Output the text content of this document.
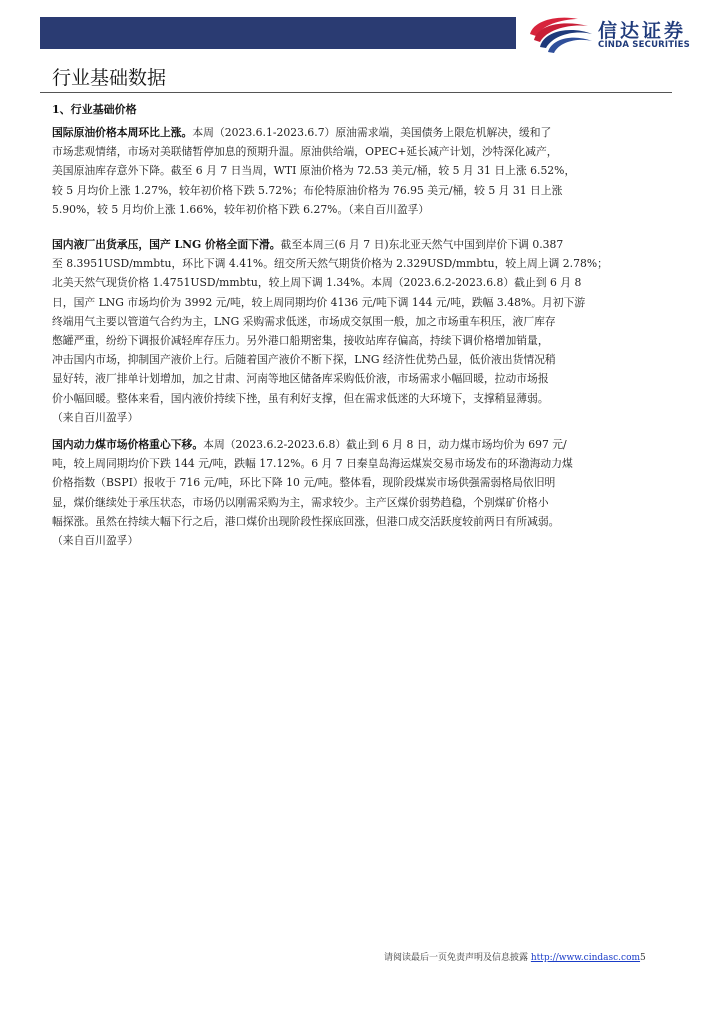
信达证券
CINDA SECURITIES
行业基础数据
1、行业基础价格
国际原油价格本周环比上涨。本周（2023.6.1-2023.6.7）原油需求端，美国债务上限危机解决，缓和了
市场悲观情绪，市场对美联储暂停加息的预期升温。原油供给端，OPEC+延长减产计划，沙特深化减产，
美国原油库存意外下降。截至 6 月 7 日当周，WTI 原油价格为 72.53 美元/桶，较 5 月 31 日上涨 6.52%，
较 5 月均价上涨 1.27%，较年初价格下跌 5.72%；布伦特原油价格为 76.95 美元/桶，较 5 月 31 日上涨
5.90%，较 5 月均价上涨 1.66%，较年初价格下跌 6.27%。（来自百川盈孚）
国内液厂出货承压，国产 LNG 价格全面下滑。截至本周三(6 月 7 日)东北亚天然气中国到岸价下调 0.387
至 8.3951USD/mmbtu，环比下调 4.41%。纽交所天然气期货价格为 2.329USD/mmbtu，较上周上调 2.78%；
北美天然气现货价格 1.4751USD/mmbtu，较上周下调 1.34%。本周（2023.6.2-2023.6.8）截止到 6 月 8
日，国产 LNG 市场均价为 3992 元/吨，较上周同期均价 4136 元/吨下调 144 元/吨，跌幅 3.48%。月初下游
终端用气主要以管道气合约为主，LNG 采购需求低迷，市场成交氛围一般，加之市场重车积压，液厂库存
憋罐严重，纷纷下调报价减轻库存压力。另外港口船期密集，接收站库存偏高，持续下调价格增加销量，
冲击国内市场，抑制国产液价上行。后随着国产液价不断下探，LNG 经济性优势凸显，低价液出货情况稍
显好转，液厂排单计划增加，加之甘肃、河南等地区储备库采购低价液，市场需求小幅回暖，拉动市场报
价小幅回暖。整体来看，国内液价持续下挫，虽有利好支撑，但在需求低迷的大环境下，支撑稍显薄弱。
（来自百川盈孚）
国内动力煤市场价格重心下移。本周（2023.6.2-2023.6.8）截止到 6 月 8 日，动力煤市场均价为 697 元/
吨，较上周同期均价下跌 144 元/吨，跌幅 17.12%。6 月 7 日秦皇岛海运煤炭交易市场发布的环渤海动力煤
价格指数（BSPI）报收于 716 元/吨，环比下降 10 元/吨。整体看，现阶段煤炭市场供强需弱格局依旧明
显，煤价继续处于承压状态，市场仍以刚需采购为主，需求较少。主产区煤价弱势趋稳，个别煤矿价格小
幅探涨。虽然在持续大幅下行之后，港口煤价出现阶段性探底回涨，但港口成交活跃度较前两日有所减弱。
（来自百川盈孚）
请阅读最后一页免责声明及信息披露 http://www.cindasc.com5
